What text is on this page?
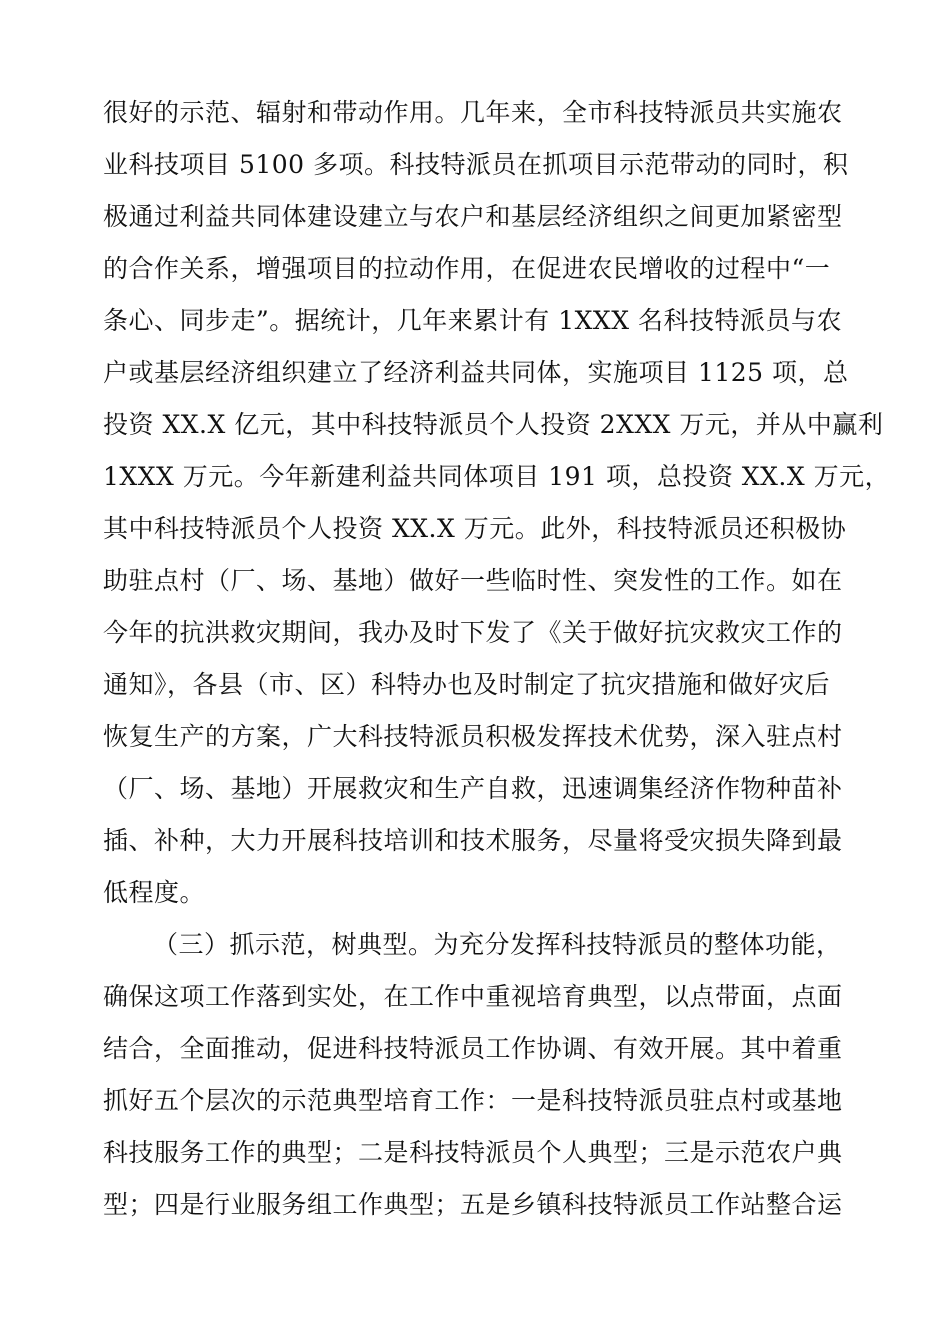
很好的示范、辐射和带动作用。几年来，全市科技特派员共实施农
业科技项目 5100 多项。科技特派员在抓项目示范带动的同时，积
极通过利益共同体建设建立与农户和基层经济组织之间更加紧密型
的合作关系，增强项目的拉动作用，在促进农民增收的过程中“一
条心、同步走”。据统计，几年来累计有 1XXX 名科技特派员与农
户或基层经济组织建立了经济利益共同体，实施项目 1125 项，总
投资 XX.X 亿元，其中科技特派员个人投资 2XXX 万元，并从中赢利
1XXX 万元。今年新建利益共同体项目 191 项，总投资 XX.X 万元，
其中科技特派员个人投资 XX.X 万元。此外，科技特派员还积极协
助驻点村（厂、场、基地）做好一些临时性、突发性的工作。如在
今年的抗洪救灾期间，我办及时下发了《关于做好抗灾救灾工作的
通知》，各县（市、区）科特办也及时制定了抗灾措施和做好灾后
恢复生产的方案，广大科技特派员积极发挥技术优势，深入驻点村
（厂、场、基地）开展救灾和生产自救，迅速调集经济作物种苗补
插、补种，大力开展科技培训和技术服务，尽量将受灾损失降到最
低程度。
（三）抓示范，树典型。为充分发挥科技特派员的整体功能，
确保这项工作落到实处，在工作中重视培育典型，以点带面，点面
结合，全面推动，促进科技特派员工作协调、有效开展。其中着重
抓好五个层次的示范典型培育工作：一是科技特派员驻点村或基地
科技服务工作的典型；二是科技特派员个人典型；三是示范农户典
型；四是行业服务组工作典型；五是乡镇科技特派员工作站整合运
